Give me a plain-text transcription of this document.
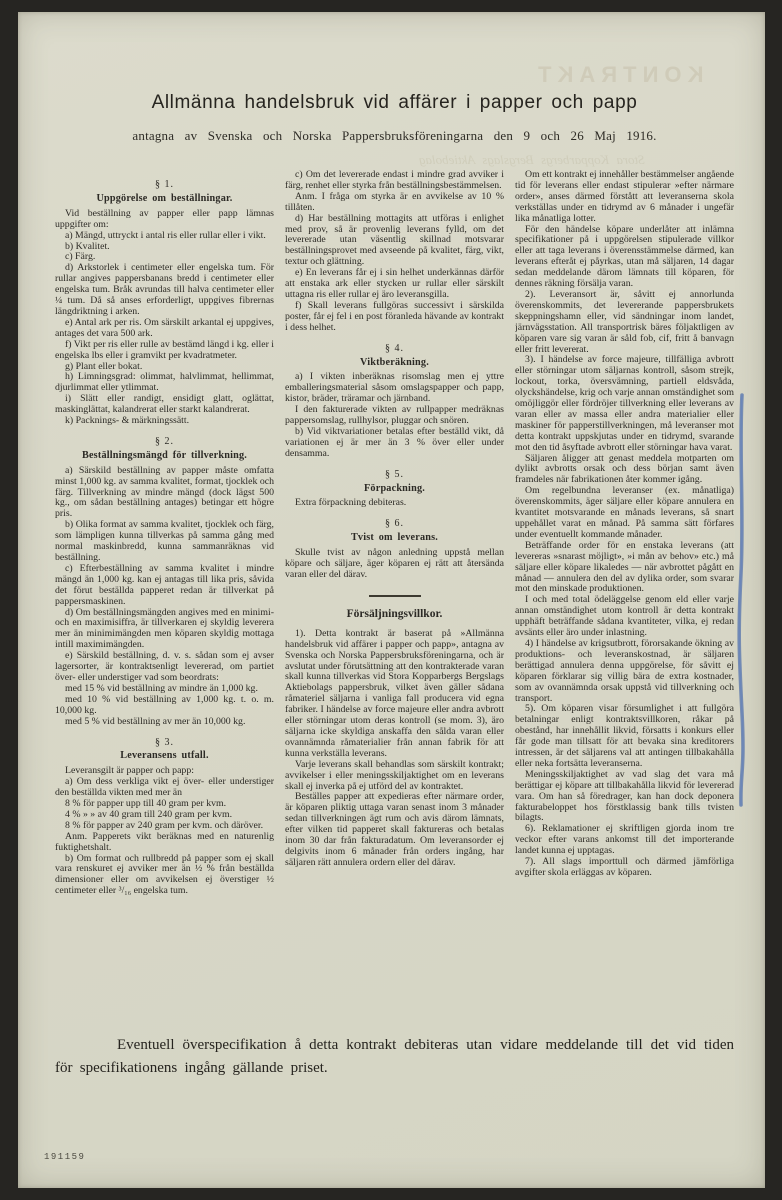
KONTRAKT
Stora Kopparbergs Bergslags Aktiebolag
Allmänna handelsbruk vid affärer i papper och papp

antagna av Svenska och Norska Pappersbruksföreningarna den 9 och 26 Maj 1916.

§ 1.

Uppgörelse om beställningar.

Vid beställning av papper eller papp lämnas uppgifter om:

a) Mängd, uttryckt i antal ris eller rullar eller i vikt.

b) Kvalitet.

c) Färg.

d) Arkstorlek i centimeter eller engelska tum. För rullar angives pappersbanans bredd i centimeter eller engelska tum. Bråk avrundas till halva centimeter eller ¼ tum. Då så anses erforderligt, uppgives fibrernas längdriktning i arken.

e) Antal ark per ris. Om särskilt arkantal ej uppgives, antages det vara 500 ark.

f) Vikt per ris eller rulle av bestämd längd i kg. eller i engelska lbs eller i gramvikt per kvadratmeter.

g) Plant eller bokat.

h) Limningsgrad: olimmat, halvlimmat, hellimmat, djurlimmat eller ytlimmat.

i) Slätt eller randigt, ensidigt glatt, oglättat, maskinglättat, kalandrerat eller starkt kalandrerat.

k) Packnings- & märkningssätt.

§ 2.

Beställningsmängd för tillverkning.

a) Särskild beställning av papper måste omfatta minst 1,000 kg. av samma kvalitet, format, tjocklek och färg. Tillverkning av mindre mängd (dock lägst 500 kg., om sådan beställning antages) betingar ett högre pris.

b) Olika format av samma kvalitet, tjocklek och färg, som lämpligen kunna tillverkas på samma gång med normal maskinbredd, kunna sammanräknas vid beställning.

c) Efterbeställning av samma kvalitet i mindre mängd än 1,000 kg. kan ej antagas till lika pris, såvida det förut beställda papperet redan är tillverkat på pappersmaskinen.

d) Om beställningsmängden angives med en minimi- och en maximisiffra, är tillverkaren ej skyldig leverera mer än minimimängden men köparen skyldig mottaga intill maximimängden.

e) Särskild beställning, d. v. s. sådan som ej avser lagersorter, är kontraktsenligt levererad, om partiet över- eller understiger vad som beordrats:

med 15 % vid beställning av mindre än 1,000 kg.

med 10 % vid beställning av 1,000 kg. t. o. m. 10,000 kg.

med 5 % vid beställning av mer än 10,000 kg.

§ 3.

Leveransens utfall.

Leveransgilt är papper och papp:

a) Om dess verkliga vikt ej över- eller understiger den beställda vikten med mer än

8 % för papper upp till 40 gram per kvm.

4 % » » av 40 gram till 240 gram per kvm.

8 % för papper av 240 gram per kvm. och däröver.

Anm. Papperets vikt beräknas med en naturenlig fuktighetshalt.

b) Om format och rullbredd på papper som ej skall vara renskuret ej avviker mer än ½ % från beställda dimensioner eller om avvikelsen ej överstiger ½ centimeter eller ³/₁₆ engelska tum.

c) Om det levererade endast i mindre grad avviker i färg, renhet eller styrka från beställningsbestämmelsen.

Anm. I fråga om styrka är en avvikelse av 10 % tillåten.

d) Har beställning mottagits att utföras i enlighet med prov, så är provenlig leverans fylld, om det levererade utan väsentlig skillnad motsvarar beställningsprovet med avseende på kvalitet, färg, vikt, textur och glättning.

e) En leverans får ej i sin helhet underkännas därför att enstaka ark eller stycken ur rullar eller särskilt uttagna ris eller rullar ej äro leveransgilla.

f) Skall leverans fullgöras successivt i särskilda poster, får ej fel i en post föranleda hävande av kontrakt i dess helhet.

§ 4.

Viktberäkning.

a) I vikten inberäknas risomslag men ej yttre emballeringsmaterial såsom omslagspapper och papp, kistor, bräder, träramar och järnband.

I den fakturerade vikten av rullpapper medräknas pappersomslag, rullhylsor, pluggar och snören.

b) Vid viktvariationer betalas efter beställd vikt, då variationen ej är mer än 3 % över eller under densamma.

§ 5.

Förpackning.

Extra förpackning debiteras.

§ 6.

Tvist om leverans.

Skulle tvist av någon anledning uppstå mellan köpare och säljare, äger köparen ej rätt att återsända varan eller del därav.

Försäljningsvillkor.

1). Detta kontrakt är baserat på »Allmänna handelsbruk vid affärer i papper och papp», antagna av Svenska och Norska Pappersbruksföreningarna, och är avslutat under förutsättning att den kontrakterade varan skall kunna tillverkas vid Stora Kopparbergs Bergslags Aktiebolags pappersbruk, vilket även gäller sådana råmateriel säljarna i vanliga fall producera vid egna fabriker. I händelse av force majeure eller andra avbrott eller störningar utom deras kontroll (se mom. 3), äro säljarna icke skyldiga anskaffa den sålda varan eller ovannämnda råmaterialier från annan fabrik för att kunna verkställa leverans.

Varje leverans skall behandlas som särskilt kontrakt; avvikelser i eller meningsskiljaktighet om en leverans skall ej inverka på ej utförd del av kontraktet.

Beställes papper att expedieras efter närmare order, är köparen pliktig uttaga varan senast inom 3 månader sedan tillverkningen ägt rum och avis därom lämnats, efter vilken tid papperet skall faktureras och betalas inom 30 dar från fakturadatum. Om leveransorder ej delgivits inom 6 månader från orders ingång, har säljaren rätt annulera ordern eller del därav.

Om ett kontrakt ej innehåller bestämmelser angående tid för leverans eller endast stipulerar »efter närmare order», anses därmed förstått att leveranserna skola verkställas under en tidrymd av 6 månader i ungefär lika månatliga lotter.

För den händelse köpare underlåter att inlämna specifikationer på i uppgörelsen stipulerade villkor eller att taga leverans i överensstämmelse därmed, kan leverans efteråt ej påyrkas, utan må säljaren, 14 dagar sedan meddelande därom lämnats till köparen, för dennes räkning försälja varan.

2). Leveransort är, såvitt ej annorlunda överenskommits, det levererande pappersbrukets skeppningshamn eller, vid sändningar inom landet, järnvägsstation. All transportrisk bäres följaktligen av köparen vare sig varan är såld fob, cif, fritt å banvagn eller fritt levererat.

3). I händelse av force majeure, tillfälliga avbrott eller störningar utom säljarnas kontroll, såsom strejk, lockout, torka, översvämning, partiell eldsvåda, olyckshändelse, krig och varje annan omständighet som omöjliggör eller fördröjer tillverkning eller leverans av varan eller av massa eller andra materialier eller maskiner för papperstillverkningen, må leveranser mot detta kontrakt uppskjutas under en tidrymd, svarande mot den tid åsyftade avbrott eller störningar hava varat.

Säljaren åligger att genast meddela motparten om dylikt avbrotts orsak och dess början samt även framdeles när fabrikationen åter kommer igång.

Om regelbundna leveranser (ex. månatliga) överenskommits, äger säljare eller köpare annulera en kvantitet motsvarande en månads leverans, så snart uppehållet varat en månad. På samma sätt förfares under eventuellt kommande månader.

Beträffande order för en enstaka leverans (att levereras »snarast möjligt», »i mån av behov» etc.) må säljare eller köpare likaledes — när avbrottet pågått en månad — annulera den del av dylika order, som svarar mot den minskade produktionen.

I och med total ödeläggelse genom eld eller varje annan omständighet utom kontroll är detta kontrakt upphäft beträffande sådana kvantiteter, vilka, ej redan avsänts eller äro under inlastning.

4) I händelse av krigsutbrott, förorsakande ökning av produktions- och leveranskostnad, är säljaren berättigad annulera denna uppgörelse, för såvitt ej köparen förklarar sig villig bära de extra kostnader, som av ovannämnda orsak uppstå vid tillverkning och transport.

5). Om köparen visar försumlighet i att fullgöra betalningar enligt kontraktsvillkoren, råkar på obestånd, har innehållit likvid, försatts i konkurs eller får gode man tillsatt för att bevaka sina kreditorers intressen, är det säljarens val att antingen tillbakahålla eller neka fortsätta leveranserna.

Meningsskiljaktighet av vad slag det vara må berättigar ej köpare att tillbakahålla likvid för levererad vara. Om han så föredrager, kan han dock deponera fakturabeloppet hos förstklassig bank tills tvisten bilagts.

6). Reklamationer ej skriftligen gjorda inom tre veckor efter varans ankomst till det importerande landet kunna ej upptagas.

7). All slags importtull och därmed jämförliga avgifter skola erläggas av köparen.

Eventuell överspecifikation å detta kontrakt debiteras utan vidare meddelande till det vid tiden för specifikationens ingång gällande priset.

191159
